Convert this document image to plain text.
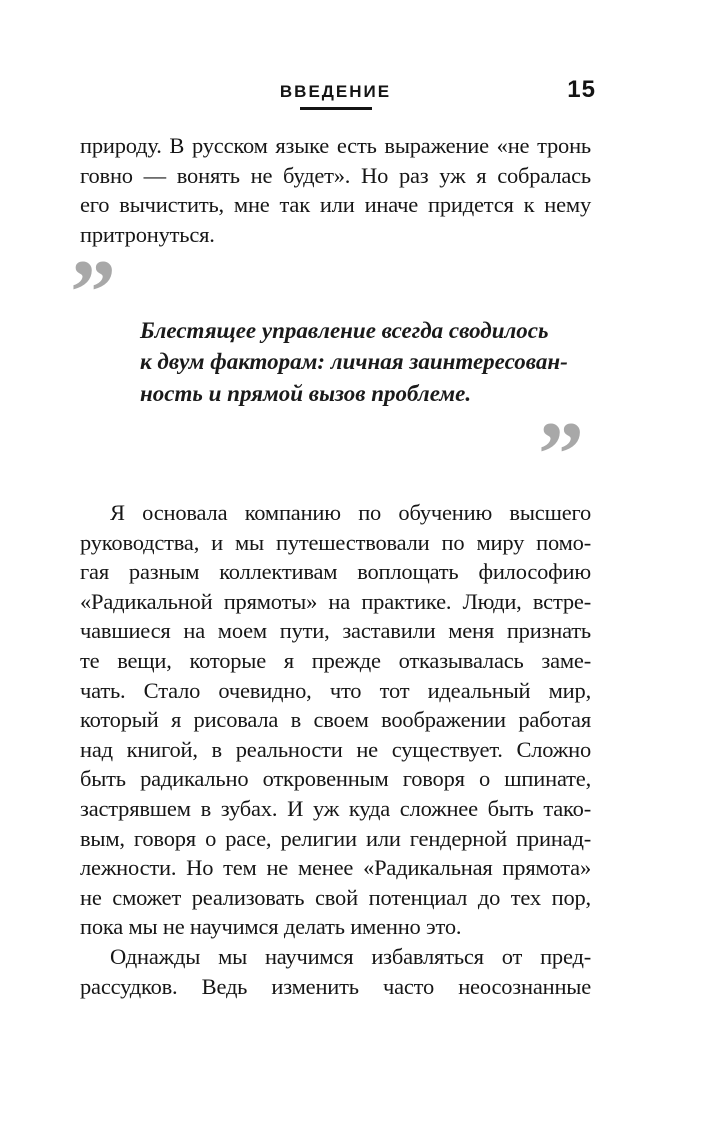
ВВЕДЕНИЕ	15
природу. В русском языке есть выражение «не тронь
говно — вонять не будет». Но раз уж я собралась
его вычистить, мне так или иначе придется к нему
притронуться.
” Блестящее управление всегда сводилось
к двум факторам: личная заинтересован-
ность и прямой вызов проблеме.
”
Я основала компанию по обучению высшего
руководства, и мы путешествовали по миру помо-
гая разным коллективам воплощать философию
«Радикальной прямоты» на практике. Люди, встре-
чавшиеся на моем пути, заставили меня признать
те вещи, которые я прежде отказывалась заме-
чать. Стало очевидно, что тот идеальный мир,
который я рисовала в своем воображении работая
над книгой, в реальности не существует. Сложно
быть радикально откровенным говоря о шпинате,
застрявшем в зубах. И уж куда сложнее быть тако-
вым, говоря о расе, религии или гендерной принад-
лежности. Но тем не менее «Радикальная прямота»
не сможет реализовать свой потенциал до тех пор,
пока мы не научимся делать именно это.
Однажды мы научимся избавляться от пред-
рассудков. Ведь изменить часто неосознанные
